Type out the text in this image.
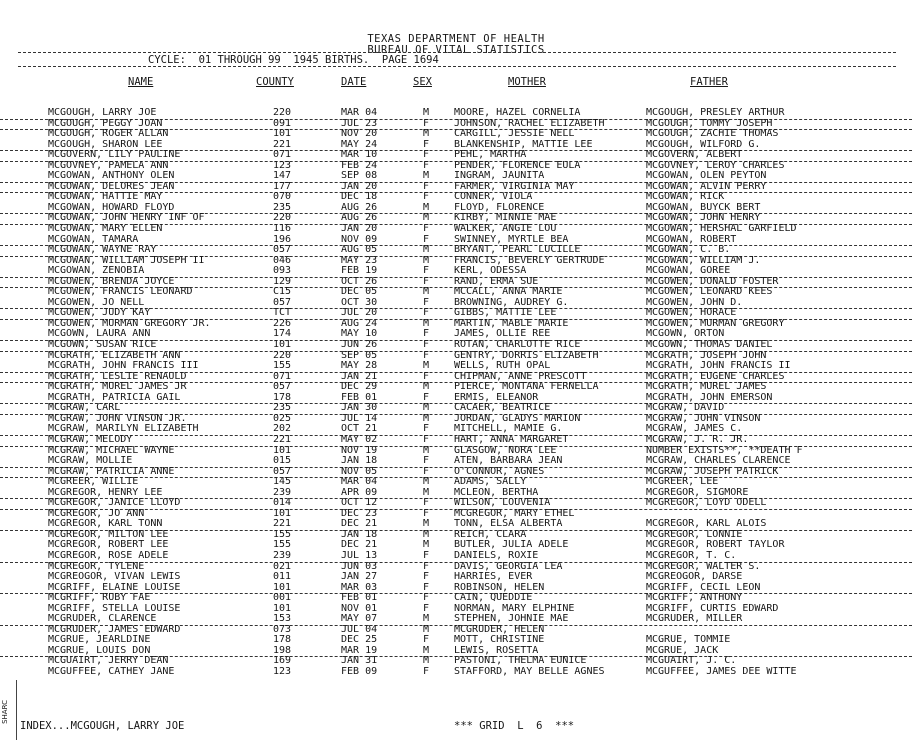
TEXAS DEPARTMENT OF HEALTH
BUREAU OF VITAL STATISTICS
CYCLE:  01 THROUGH 99  1945 BIRTHS.  PAGE 1694
NAME	COUNTY	DATE	SEX	MOTHER	FATHER
MCGOUGH, LARRY JOE	220	MAR 04	M MOORE, HAZEL CORNELIA	MCGOUGH, PRESLEY ARTHUR
MCGOUGH, PEGGY JOAN	091	JUL 23	F JOHNSON, RACHEL ELIZABETH	MCGOUGH, TOMMY JOSEPH
MCGOUGH, ROGER ALLAN	101	NOV 20	M CARGILL, JESSIE NELL	MCGOUGH, ZACHIE THOMAS
MCGOUGH, SHARON LEE	221	MAY 24	F BLANKENSHIP, MATTIE LEE	MCGOUGH, WILFORD G.
MCGOVERN, LILY PAULINE	071	MAR 10	F PEHL, MARTHA	MCGOVERN, ALBERT
MCGOVNEY, PAMELA ANN	123	FEB 24	F PENDER, FLORENCE EULA	MCGOVNEY, LEROY CHARLES
MCGOWAN, ANTHONY OLEN	147	SEP 08	M INGRAM, JAUNITA	MCGOWAN, OLEN PEYTON
MCGOWAN, DELORES JEAN	177	JAN 20	F FARMER, VIRGINIA MAY	MCGOWAN, ALVIN PERRY
MCGOWAN, HATTIE MAY	070	DEC 18	F CONNER, VIOLA	MCGOWAN, RICK
MCGOWAN, HOWARD FLOYD	235	AUG 26	M FLOYD, FLORENCE	MCGOWAN, BUYCK BERT
MCGOWAN, JOHN HENRY INF OF	220	AUG 26	M KIRBY, MINNIE MAE	MCGOWAN, JOHN HENRY
MCGOWAN, MARY ELLEN	116	JAN 20	F WALKER, ANGIE LOU	MCGOWAN, HERSHAL GARFIELD
MCGOWAN, TAMARA	196	NOV 09	F SWINNEY, MYRTLE BEA	MCGOWAN, ROBERT
MCGOWAN, WAYNE RAY	057	AUG 05	M BRYANT, PEARL LUCILLE	MCGOWAN, C. B.
MCGOWAN, WILLIAM JOSEPH II	046	MAY 23	M FRANCIS, BEVERLY GERTRUDE	MCGOWAN, WILLIAM J.
MCGOWAN, ZENOBIA	093	FEB 19	F KERL, ODESSA	MCGOWAN, GOREE
MCGOWEN, BRENDA JOYCE	129	OCT 26	F RAND, ERMA SUE	MCGOWEN, DONALD FOSTER
MCGOWEN, FRANCIS LEONARD	C15	DEC 05	M MCCALL, ANNA MARIE	MCGOWEN, LEONARD KEES
MCGOWEN, JO NELL	057	OCT 30	F BROWNING, AUDREY G.	MCGOWEN, JOHN D.
MCGOWEN, JUDY KAY	TCT	JUL 20	F GIBBS, MATTIE LEE	MCGOWEN, HORACE
MCGOWEN, MURMAN GREGORY JR.	226	AUG 24	M MARTIN, MABLE MARIE	MCGOWEN, MURMAN GREGORY
MCGOWN, LAURA ANN	174	MAY 10	F JAMES, OLLIE REE	MCGOWN, ORTON
MCGOWN, SUSAN RICE	101	JUN 26	F ROTAN, CHARLOTTE RICE	MCGOWN, THOMAS DANIEL
MCGRATH, ELIZABETH ANN	220	SEP 05	F GENTRY, DORRIS ELIZABETH	MCGRATH, JOSEPH JOHN
MCGRATH, JOHN FRANCIS III	155	MAY 28	M WELLS, RUTH OPAL	MCGRATH, JOHN FRANCIS II
MCGRATH, LESLIE RENAULD	071	JAN 21	F CHIPMAN, ANNE PRESCOTT	MCGRATH, EUGENE CHARLES
MCGRATH, MUREL JAMES JR	057	DEC 29	M PIERCE, MONTANA FERNELLA	MCGRATH, MUREL JAMES
MCGRATH, PATRICIA GAIL	178	FEB 01	F ERMIS, ELEANOR	MCGRATH, JOHN EMERSON
MCGRAW, CARL	235	JAN 30	M CACAER, BEATRICE	MCGRAW, DAVID
MCGRAW, JOHN VINSON JR.	025	JUL 14	M JORDAN, GLADYS MARION	MCGRAW, JOHN VINSON
MCGRAW, MARILYN ELIZABETH	202	OCT 21	F MITCHELL, MAMIE G.	MCGRAW, JAMES C.
MCGRAW, MELODY	221	MAY 02	F HART, ANNA MARGARET	MCGRAW, J. R. JR.
MCGRAW, MICHAEL WAYNE	101	NOV 19	M GLASGOW, NORA LEE	NUMBER EXISTS**, **DEATH F
MCGRAW, MOLLIE	015	JAN 18	F ATEN, BARBARA JEAN	MCGRAW, CHARLES CLARENCE
MCGRAW, PATRICIA ANNE	057	NOV 05	F O'CONNOR, AGNES	MCGRAW, JOSEPH PATRICK
MCGREER, WILLIE	145	MAR 04	M ADAMS, SALLY	MCGREER, LEE
MCGREGOR, HENRY LEE	239	APR 09	M MCLEON, BERTHA	MCGREGOR, SIGMORE
MCGREGOR, JANICE LLOYD	014	OCT 12	F WILSON, LOUVENIA	MCGREGOR, LOYD ODELL
MCGREGOR, JO ANN	101	DEC 23	F MCGREGOR, MARY ETHEL
MCGREGOR, KARL TONN	221	DEC 21	M TONN, ELSA ALBERTA	MCGREGOR, KARL ALOIS
MCGREGOR, MILTON LEE	155	JAN 18	M REICH, CLARA	MCGREGOR, LONNIE
MCGREGOR, ROBERT LEE	155	DEC 21	M BUTLER, JULIA ADELE	MCGREGOR, ROBERT TAYLOR
MCGREGOR, ROSE ADELE	239	JUL 13	F DANIELS, ROXIE	MCGREGOR, T. C.
MCGREGOR, TYLENE	021	JUN 03	F DAVIS, GEORGIA LEA	MCGREGOR, WALTER S.
MCGREOGOR, VIVAN LEWIS	011	JAN 27	F HARRIES, EVER	MCGREOGOR, DARSE
MCGRIFF, ELAINE LOUISE	101	MAR 03	F ROBINSON, HELEN	MCGRIFF, CECIL LEON
MCGRIFF, RUBY FAE	001	FEB 01	F CAIN, QUEDDIE	MCGRIFF, ANTHONY
MCGRIFF, STELLA LOUISE	101	NOV 01	F NORMAN, MARY ELPHINE	MCGRIFF, CURTIS EDWARD
MCGRUDER, CLARENCE	153	MAY 07	M STEPHEN, JOHNIE MAE	MCGRUDER, MILLER
MCGRUDER, JAMES EDWARD	073	JUL 04	M MCGRUDER, HELEN
MCGRUE, JEARLDINE	178	DEC 25	F MOTT, CHRISTINE	MCGRUE, TOMMIE
MCGRUE, LOUIS DON	198	MAR 19	M LEWIS, ROSETTA	MCGRUE, JACK
MCGUAIRT, JERRY DEAN	169	JAN 31	M PASTONI, THELMA EUNICE	MCGUAIRT, J. C.
MCGUFFEE, CATHEY JANE	123	FEB 09	F STAFFORD, MAY BELLE AGNES	MCGUFFEE, JAMES DEE WITTE
SHARC
INDEX...MCGOUGH, LARRY JOE	*** GRID  L  6  ***
